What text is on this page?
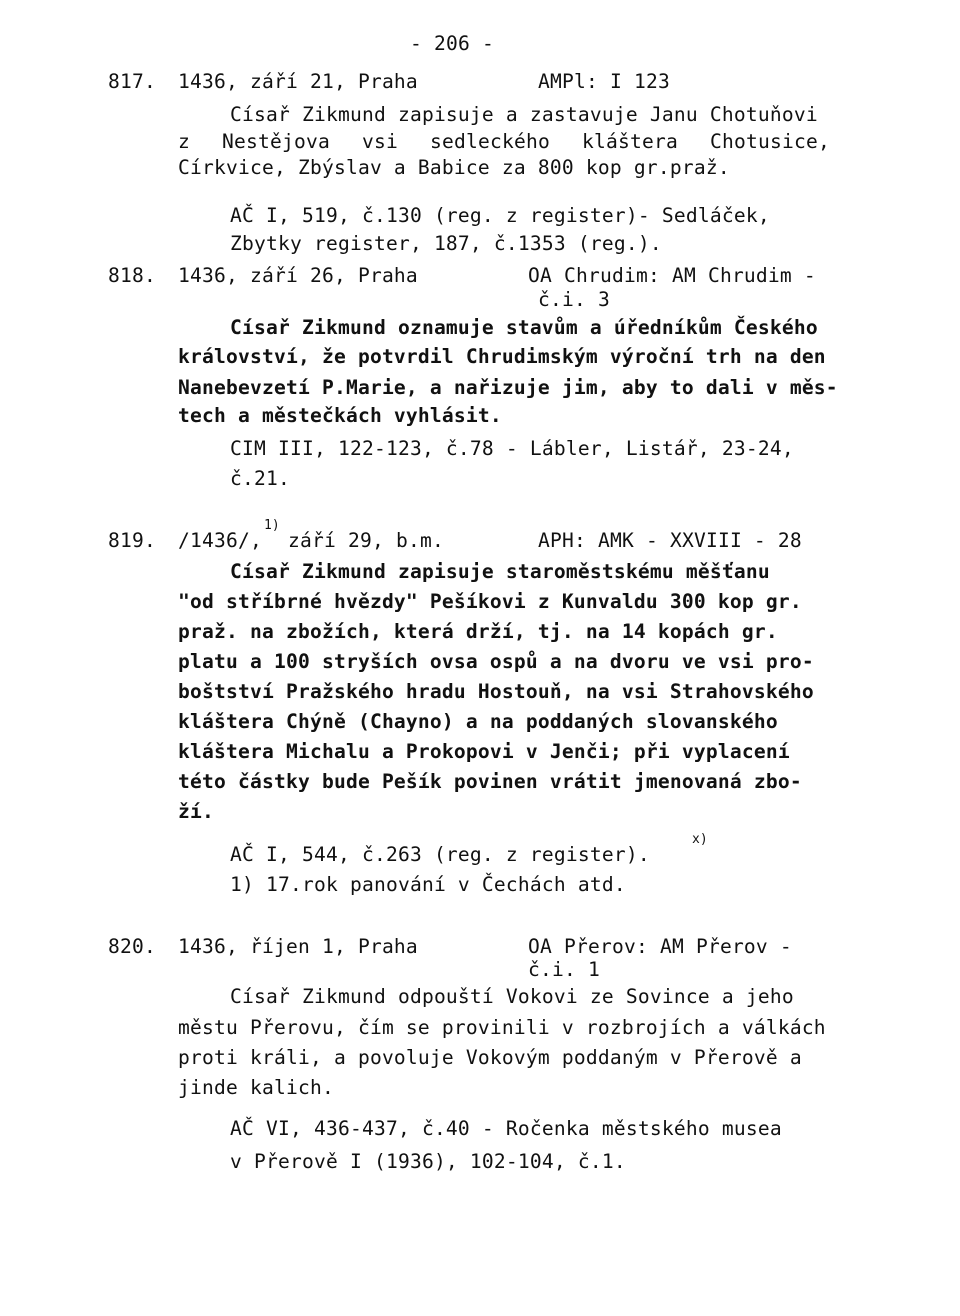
- 206 -
817. 1436, září 21, Praha	AMPl: I 123
Císař Zikmund zapisuje a zastavuje Janu Chotuňovi
z Nestějova vsi sedleckého kláštera Chotusice, Církvice, Zbýslav a Babice za 800 kop gr.praž.
AČ I, 519, č.130 (reg. z register)- Sedláček,
Zbytky register, 187, č.1353 (reg.).
818. 1436, září 26, Praha	OA Chrudim: AM Chrudim -
č.i. 3
Císař Zikmund oznamuje stavům a úředníkům Českého
království, že potvrdil Chrudimským výroční trh na den
Nanebevzetí P.Marie, a nařizuje jim, aby to dali v měs-
tech a městečkách vyhlásit.
CIM III, 122-123, č.78 - Lábler, Listář, 23-24,
č.21.
819. /1436/,
1)
září 29, b.m.	APH: AMK - XXVIII - 28
Císař Zikmund zapisuje staroměstskému měšťanu
"od stříbrné hvězdy" Pešíkovi z Kunvaldu 300 kop gr.
praž. na zbožích, která drží, tj. na 14 kopách gr.
platu a 100 stryších ovsa ospů a na dvoru ve vsi pro-
boštství Pražského hradu Hostouň, na vsi Strahovského
kláštera Chýně (Chayno) a na poddaných slovanského
kláštera Michalu a Prokopovi v Jenči; při vyplacení
této částky bude Pešík povinen vrátit jmenovaná zbo-
ží.
AČ I, 544, č.263 (reg. z register).
x)
1) 17.rok panování v Čechách atd.
820. 1436, říjen 1, Praha	OA Přerov: AM Přerov -
č.i. 1
Císař Zikmund odpouští Vokovi ze Sovince a jeho
městu Přerovu, čím se provinili v rozbrojích a válkách
proti králi, a povoluje Vokovým poddaným v Přerově a
jinde kalich.
AČ VI, 436-437, č.40 - Ročenka městského musea
v Přerově I (1936), 102-104, č.1.
